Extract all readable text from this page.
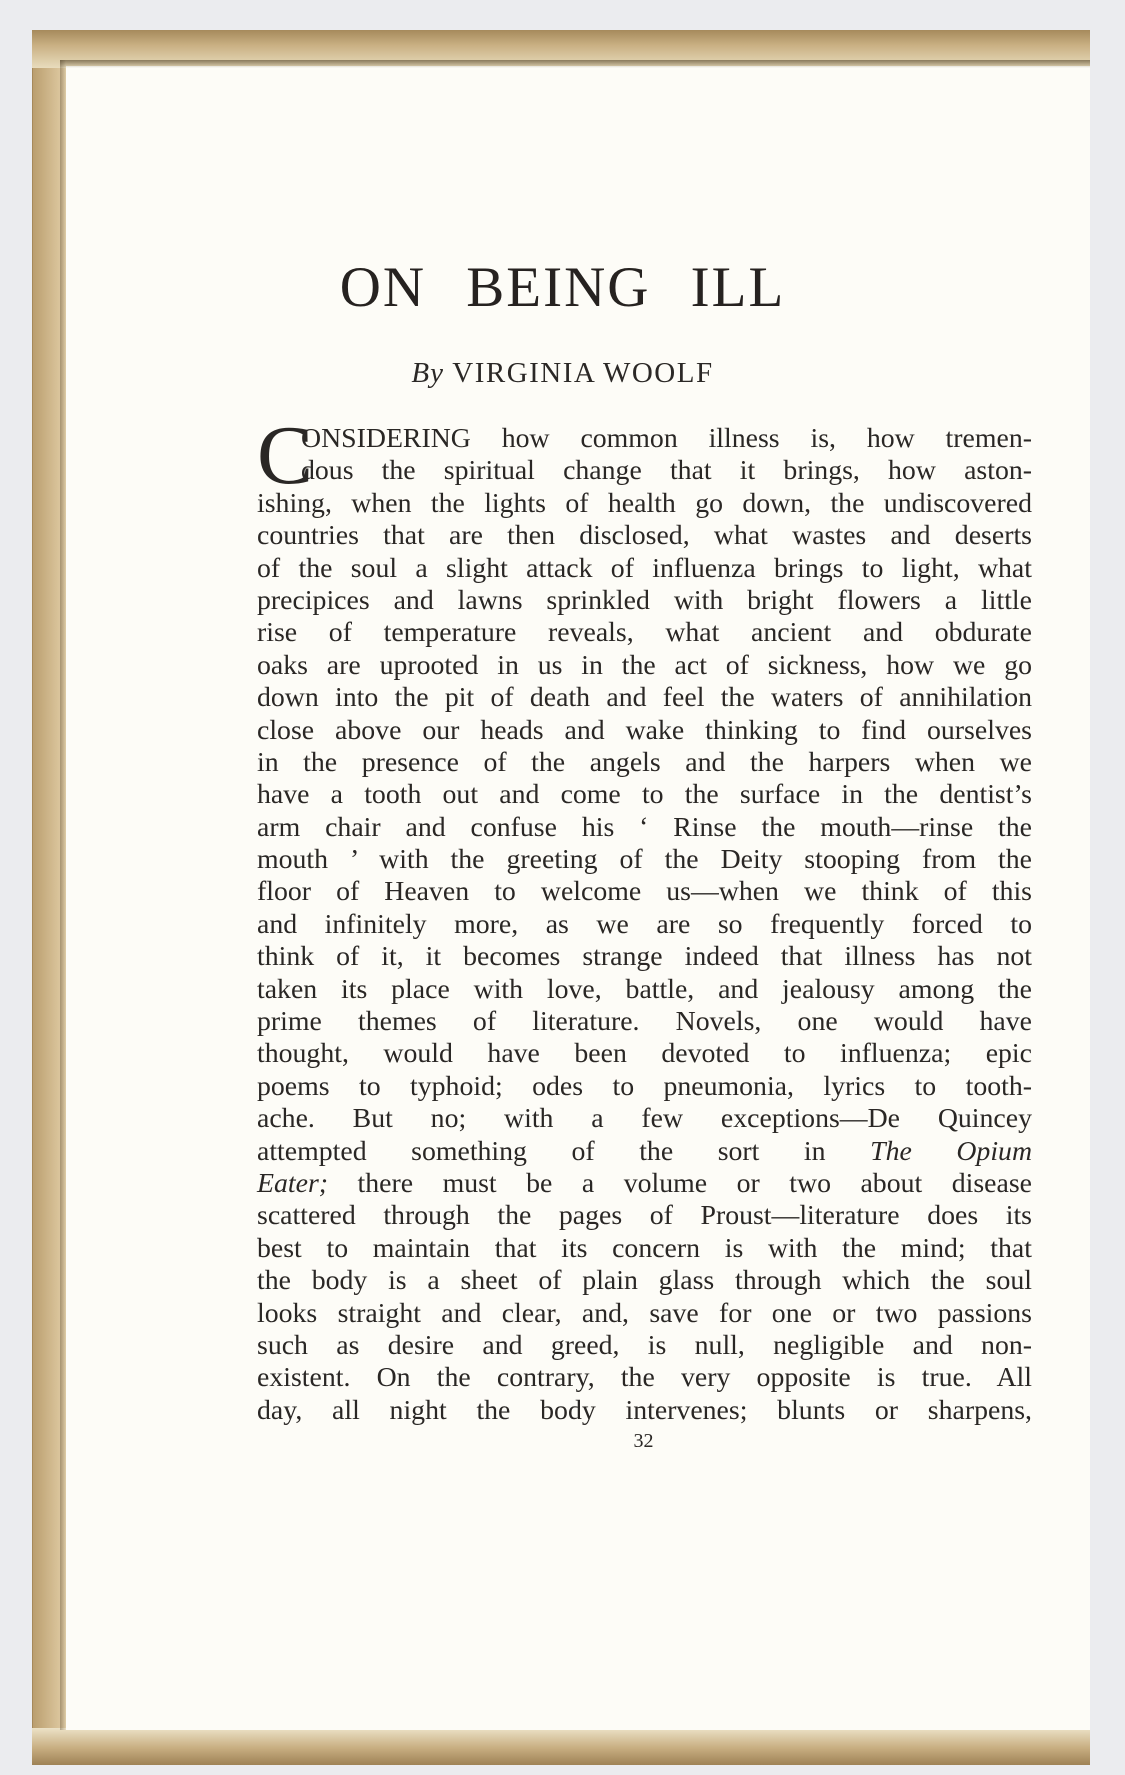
ON BEING ILL
By VIRGINIA WOOLF
C
ONSIDERING how common illness is, how tremen-
dous the spiritual change that it brings, how aston-
ishing, when the lights of health go down, the undiscovered
countries that are then disclosed, what wastes and deserts
of the soul a slight attack of influenza brings to light, what
precipices and lawns sprinkled with bright flowers a little
rise of temperature reveals, what ancient and obdurate
oaks are uprooted in us in the act of sickness, how we go
down into the pit of death and feel the waters of annihilation
close above our heads and wake thinking to find ourselves
in the presence of the angels and the harpers when we
have a tooth out and come to the surface in the dentist’s
arm chair and confuse his ‘ Rinse the mouth—rinse the
mouth ’ with the greeting of the Deity stooping from the
floor of Heaven to welcome us—when we think of this
and infinitely more, as we are so frequently forced to
think of it, it becomes strange indeed that illness has not
taken its place with love, battle, and jealousy among the
prime themes of literature. Novels, one would have
thought, would have been devoted to influenza; epic
poems to typhoid; odes to pneumonia, lyrics to tooth-
ache. But no; with a few exceptions—De Quincey
attempted something of the sort in The Opium
Eater; there must be a volume or two about disease
scattered through the pages of Proust—literature does its
best to maintain that its concern is with the mind; that
the body is a sheet of plain glass through which the soul
looks straight and clear, and, save for one or two passions
such as desire and greed, is null, negligible and non-
existent. On the contrary, the very opposite is true. All
day, all night the body intervenes; blunts or sharpens,
32
